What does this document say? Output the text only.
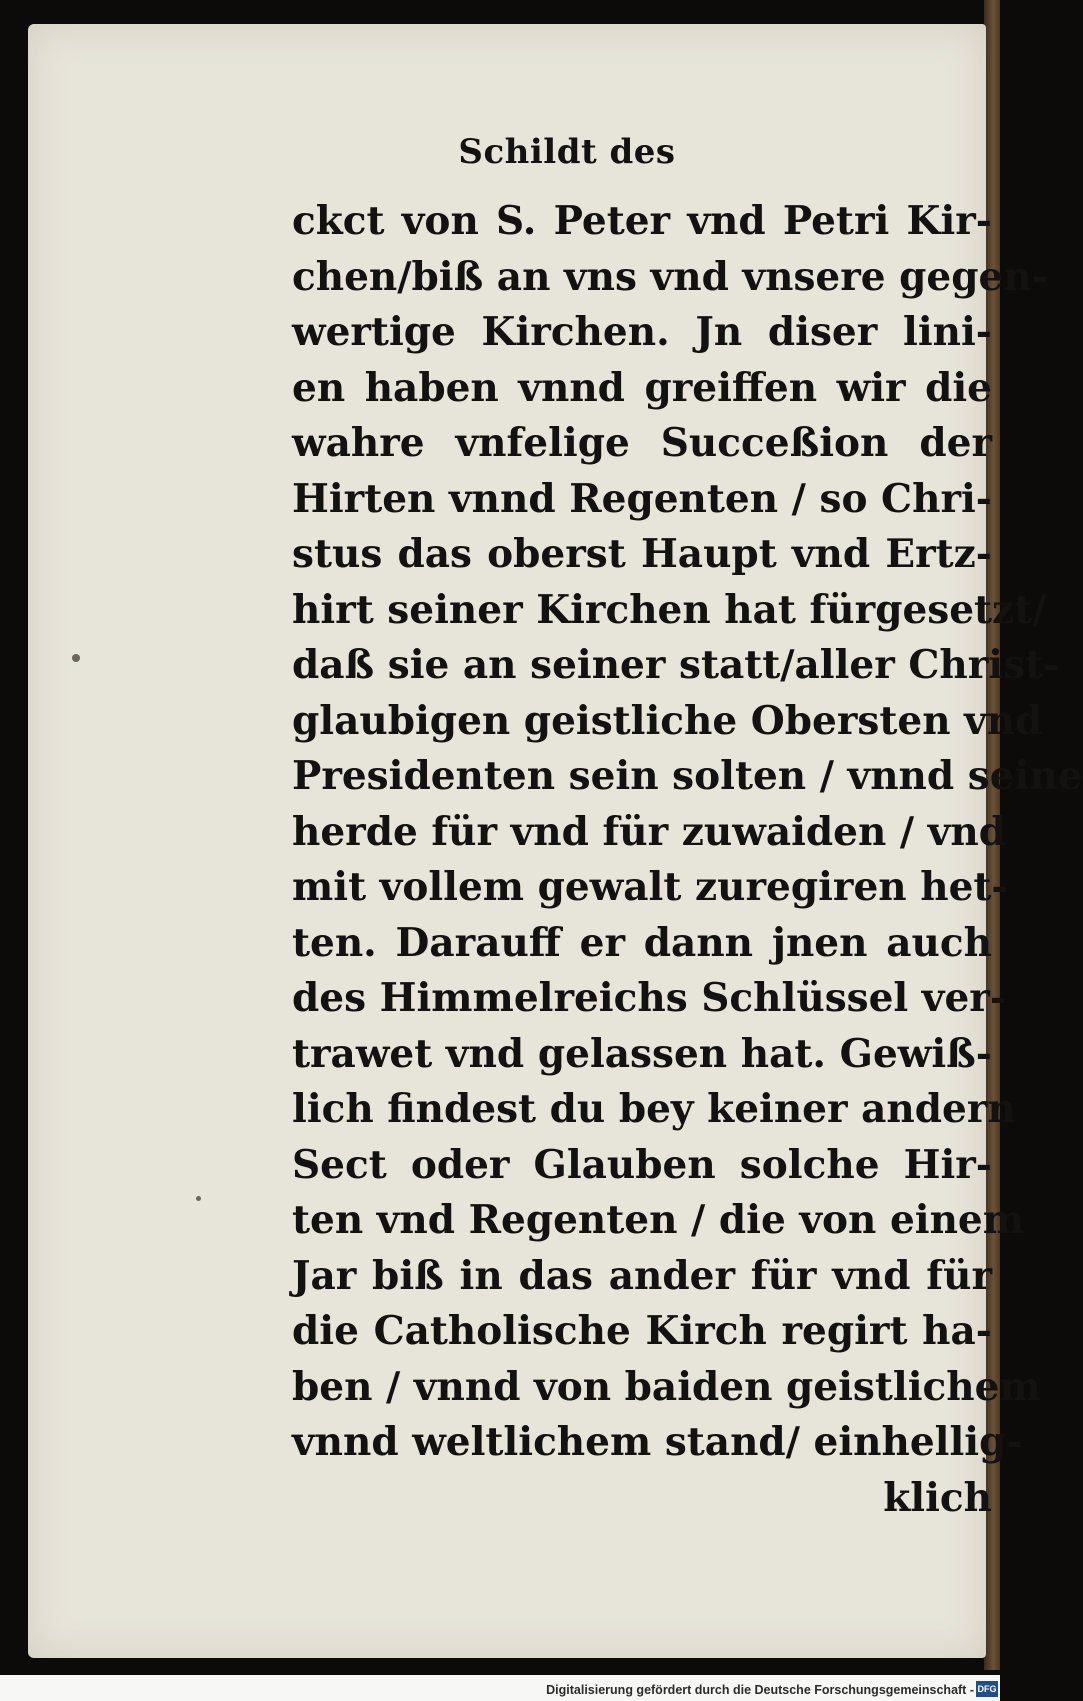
Schildt des
ckct von S. Peter vnd Petri Kir-
chen/biß an vns vnd vnsere gegen-
wertige Kirchen. Jn diser lini-
en haben vnnd greiffen wir die
wahre vnfelige Succeßion der
Hirten vnnd Regenten / so Chri-
stus das oberst Haupt vnd Ertz-
hirt seiner Kirchen hat fürgesetzt/
daß sie an seiner statt/aller Christ-
glaubigen geistliche Obersten vnd
Presidenten sein solten / vnnd seine
herde für vnd für zuwaiden / vnd
mit vollem gewalt zuregiren het-
ten. Darauff er dann jnen auch
des Himmelreichs Schlüssel ver-
trawet vnd gelassen hat. Gewiß-
lich findest du bey keiner andern
Sect oder Glauben solche Hir-
ten vnd Regenten / die von einem
Jar biß in das ander für vnd für
die Catholische Kirch regirt ha-
ben / vnnd von baiden geistlichem
vnnd weltlichem stand/ einhellig-
klich
Digitalisierung gefördert durch die Deutsche Forschungsgemeinschaft - DFG
